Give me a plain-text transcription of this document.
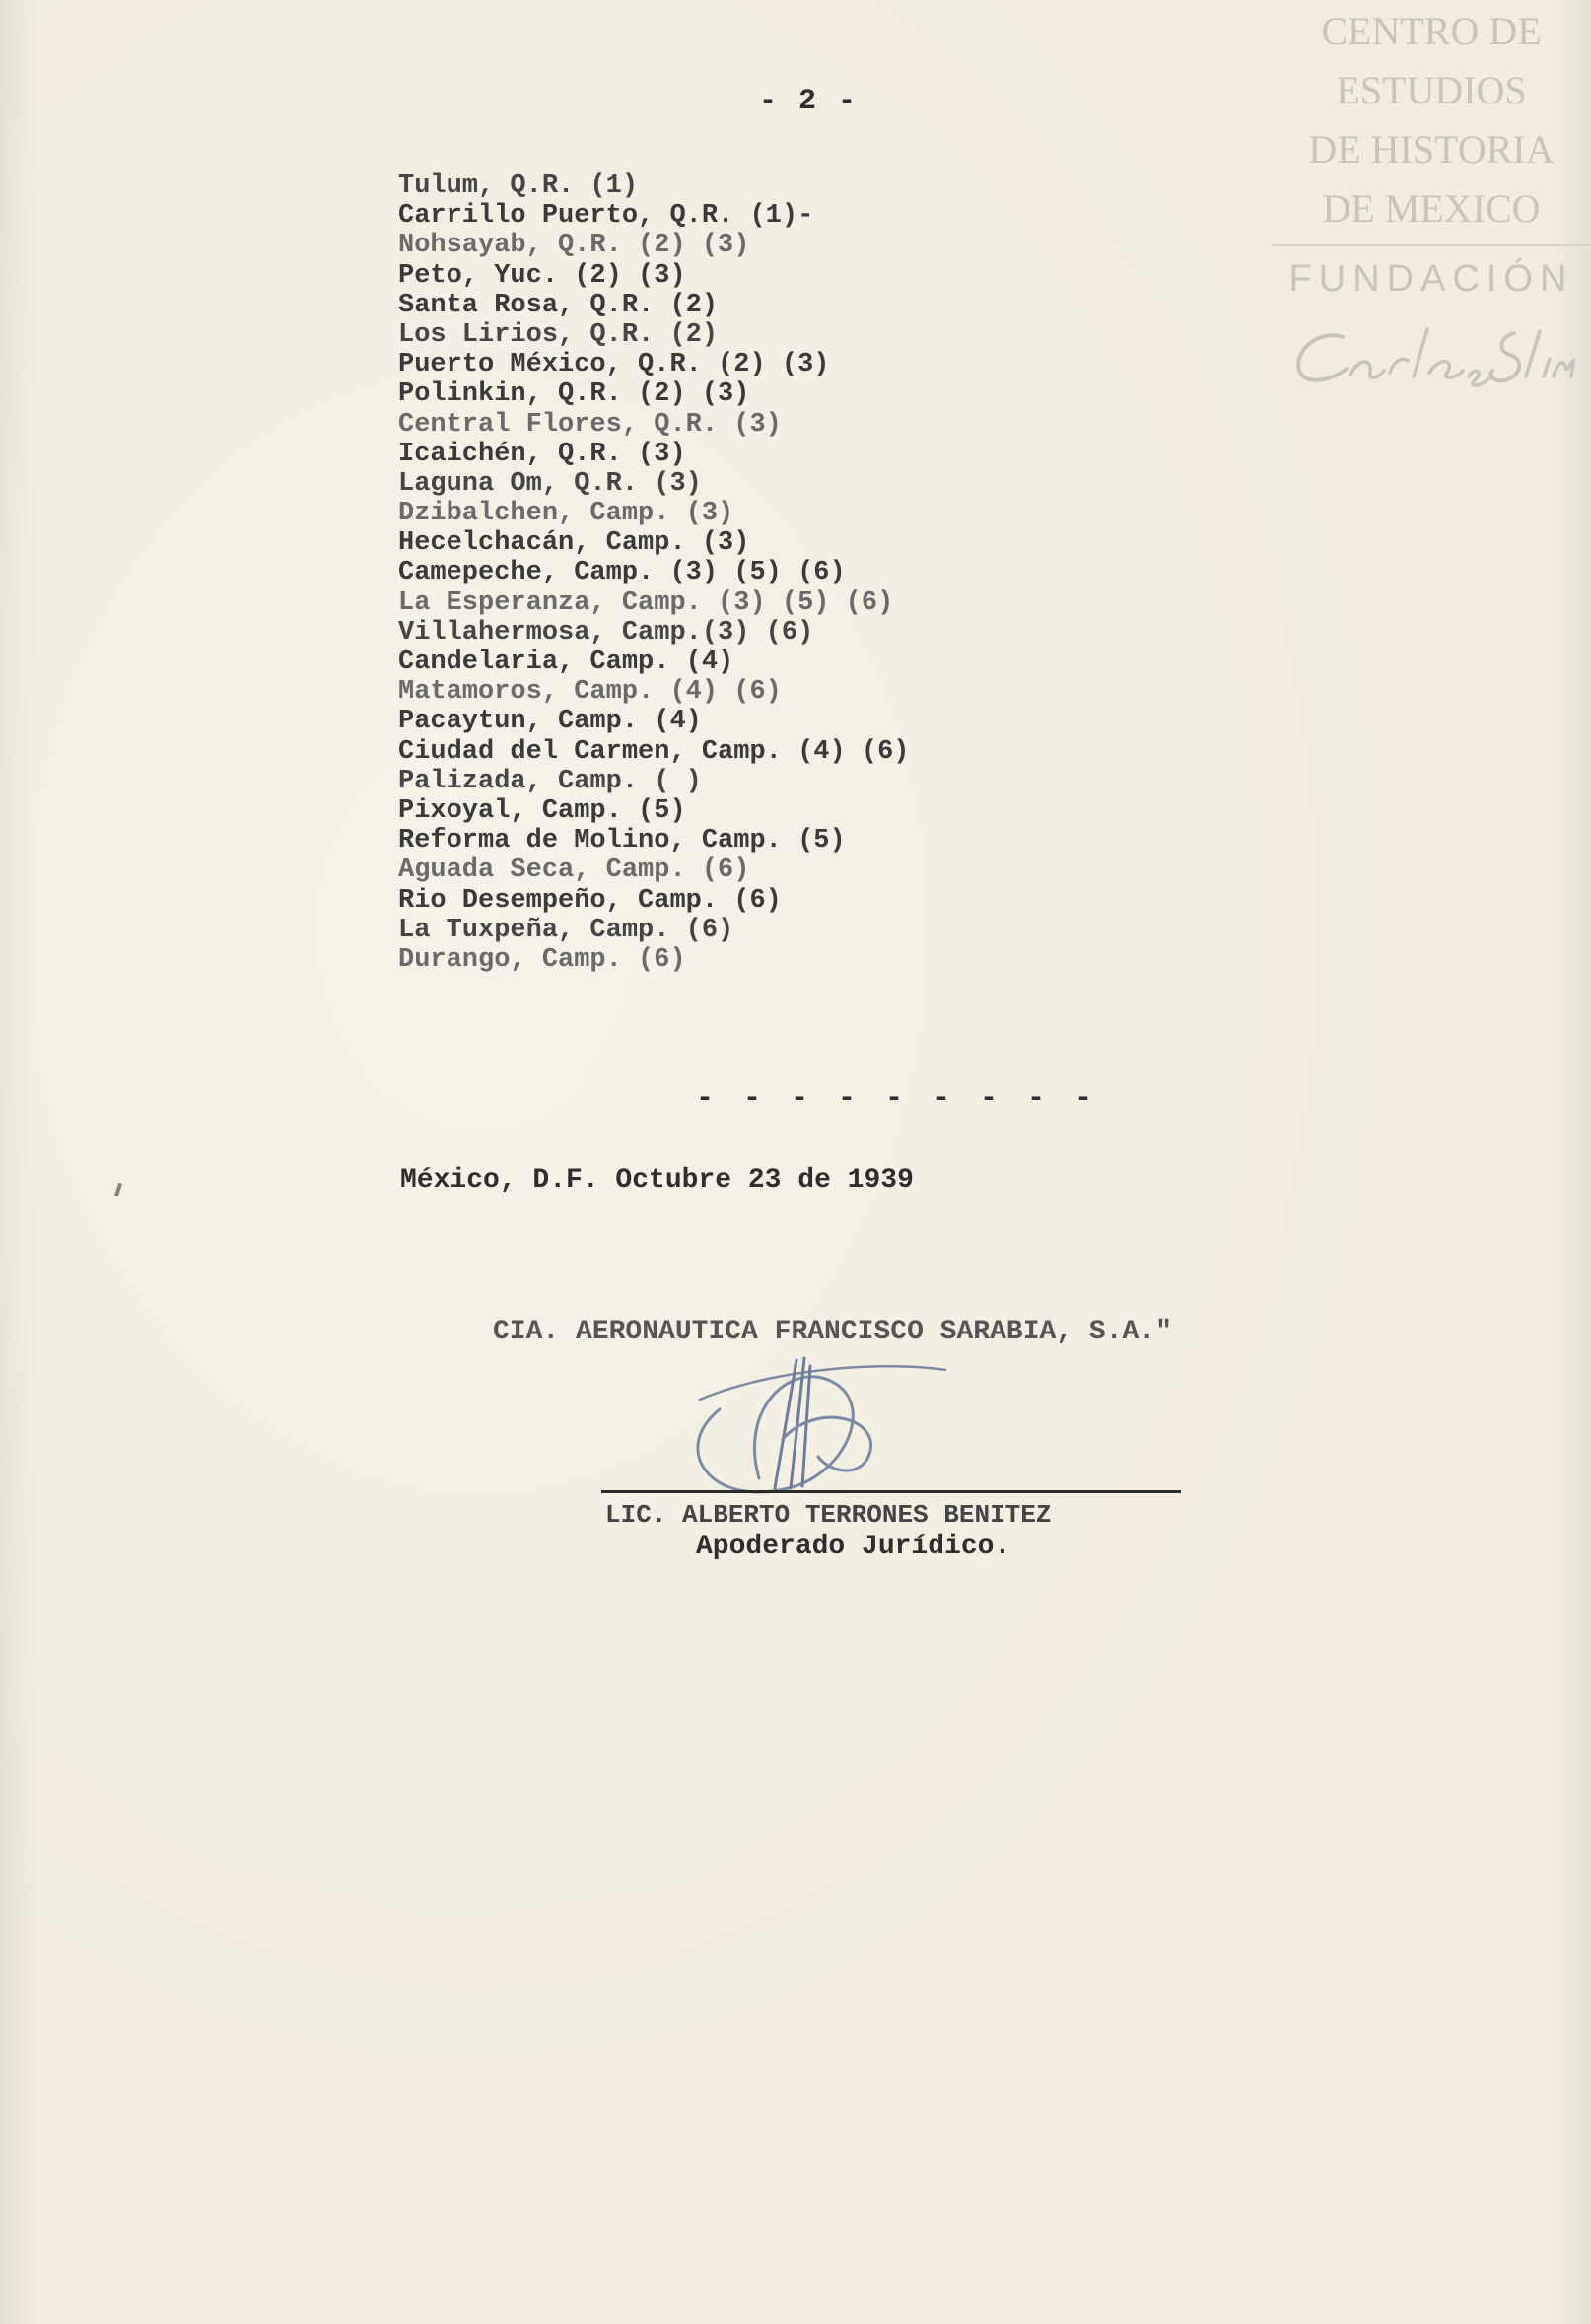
CENTRO DE
ESTUDIOS
DE HISTORIA
DE MEXICO
FUNDACIÓN
- 2 -
Tulum, Q.R. (1)
Carrillo Puerto, Q.R. (1)-
Nohsayab, Q.R. (2) (3)
Peto, Yuc. (2) (3)
Santa Rosa, Q.R. (2)
Los Lirios, Q.R. (2)
Puerto México, Q.R. (2) (3)
Polinkin, Q.R. (2) (3)
Central Flores, Q.R. (3)
Icaichén, Q.R. (3)
Laguna Om, Q.R. (3)
Dzibalchen, Camp. (3)
Hecelchacán, Camp. (3)
Camepeche, Camp. (3) (5) (6)
La Esperanza, Camp. (3) (5) (6)
Villahermosa, Camp.(3) (6)
Candelaria, Camp. (4)
Matamoros, Camp. (4) (6)
Pacaytun, Camp. (4)
Ciudad del Carmen, Camp. (4) (6)
Palizada, Camp. ( )
Pixoyal, Camp. (5)
Reforma de Molino, Camp. (5)
Aguada Seca, Camp. (6)
Rio Desempeño, Camp. (6)
La Tuxpeña, Camp. (6)
Durango, Camp. (6)
- - - - - - - - -
México, D.F. Octubre 23 de 1939
CIA. AERONAUTICA FRANCISCO SARABIA, S.A."
LIC. ALBERTO TERRONES BENITEZ
Apoderado Jurídico.
